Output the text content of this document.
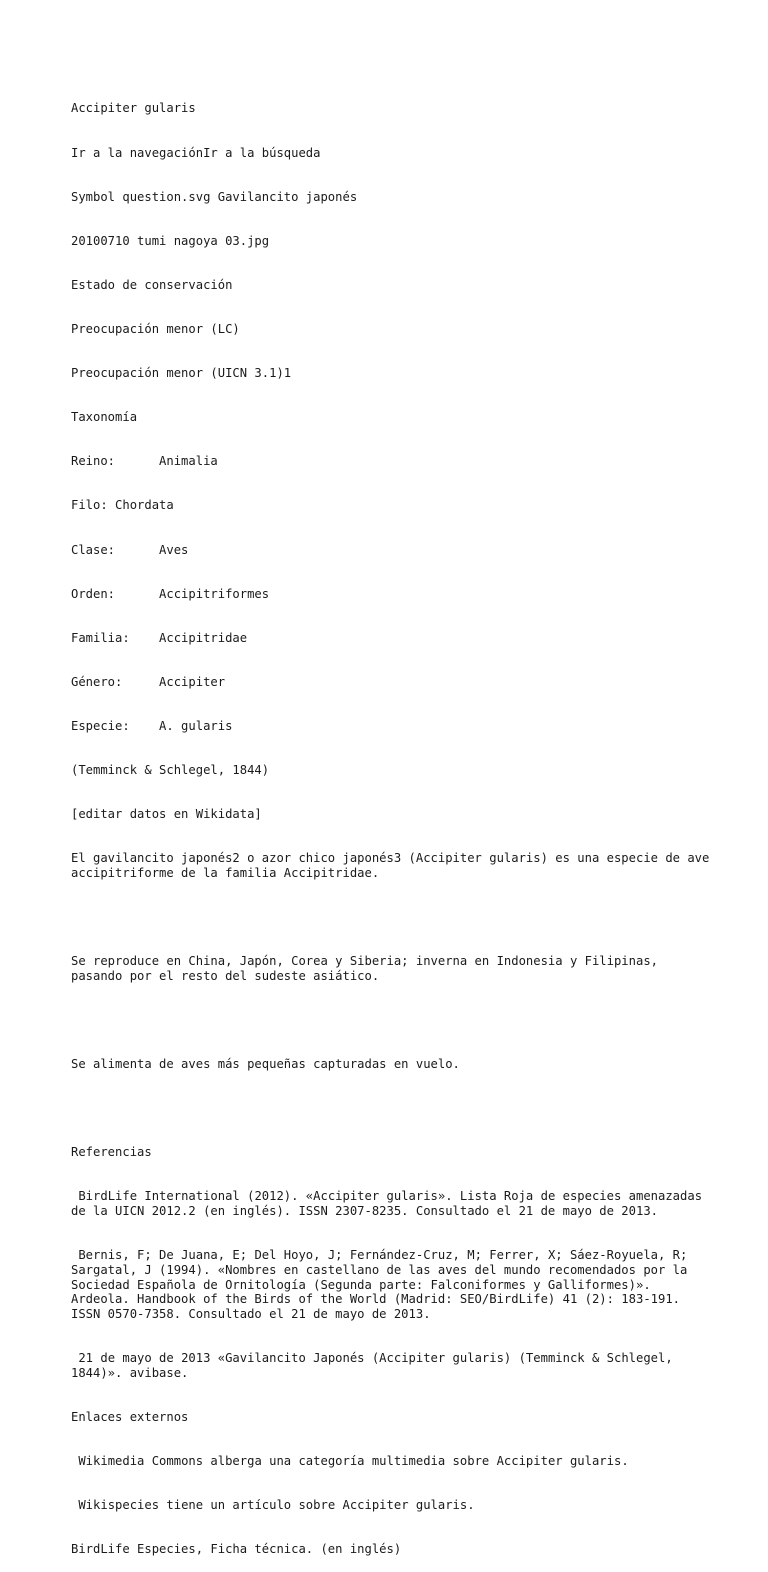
Accipiter gularis

Ir a la navegaciónIr a la búsqueda

Symbol question.svg Gavilancito japonés

20100710 tumi nagoya 03.jpg

Estado de conservación

Preocupación menor (LC)

Preocupación menor (UICN 3.1)1

Taxonomía

Reino:      Animalia

Filo: Chordata

Clase:      Aves

Orden:      Accipitriformes

Familia:    Accipitridae

Género:     Accipiter

Especie:    A. gularis

(Temminck & Schlegel, 1844)

[editar datos en Wikidata]

El gavilancito japonés2 o azor chico japonés3 (Accipiter gularis) es una especie de ave accipitriforme de la familia Accipitridae.

Se reproduce en China, Japón, Corea y Siberia; inverna en Indonesia y Filipinas, pasando por el resto del sudeste asiático.

Se alimenta de aves más pequeñas capturadas en vuelo.

Referencias

BirdLife International (2012). «Accipiter gularis». Lista Roja de especies amenazadas de la UICN 2012.2 (en inglés). ISSN 2307-8235. Consultado el 21 de mayo de 2013.

Bernis, F; De Juana, E; Del Hoyo, J; Fernández-Cruz, M; Ferrer, X; Sáez-Royuela, R; Sargatal, J (1994). «Nombres en castellano de las aves del mundo recomendados por la Sociedad Española de Ornitología (Segunda parte: Falconiformes y Galliformes)». Ardeola. Handbook of the Birds of the World (Madrid: SEO/BirdLife) 41 (2): 183-191. ISSN 0570-7358. Consultado el 21 de mayo de 2013.

21 de mayo de 2013 «Gavilancito Japonés (Accipiter gularis) (Temminck & Schlegel, 1844)». avibase.

Enlaces externos

Wikimedia Commons alberga una categoría multimedia sobre Accipiter gularis.

Wikispecies tiene un artículo sobre Accipiter gularis.

BirdLife Especies, Ficha técnica. (en inglés)
